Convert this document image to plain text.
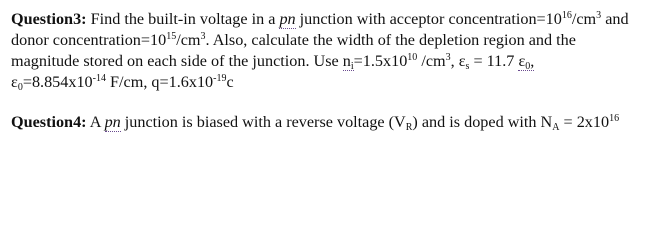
Question3: Find the built-in voltage in a pn junction with acceptor $concentration=10^{16}/cm^3$ and
donor $concentration=10^{15}/cm^3$. Also, calculate the width of the depletion region and the
magnitude stored on each side of the junction. Use $n_i=1.5x10^{10}$ $/cm^3$, $\varepsilon_s = 11.7$ $\varepsilon_0$,
$\varepsilon_0=8.854x10^{-14}$ F/cm, $q=1.6x10^{-19}c$
Question4: A pn junction is biased with a reverse voltage $(V_R)$ and is doped with $N_A = 2x10^{16}$
